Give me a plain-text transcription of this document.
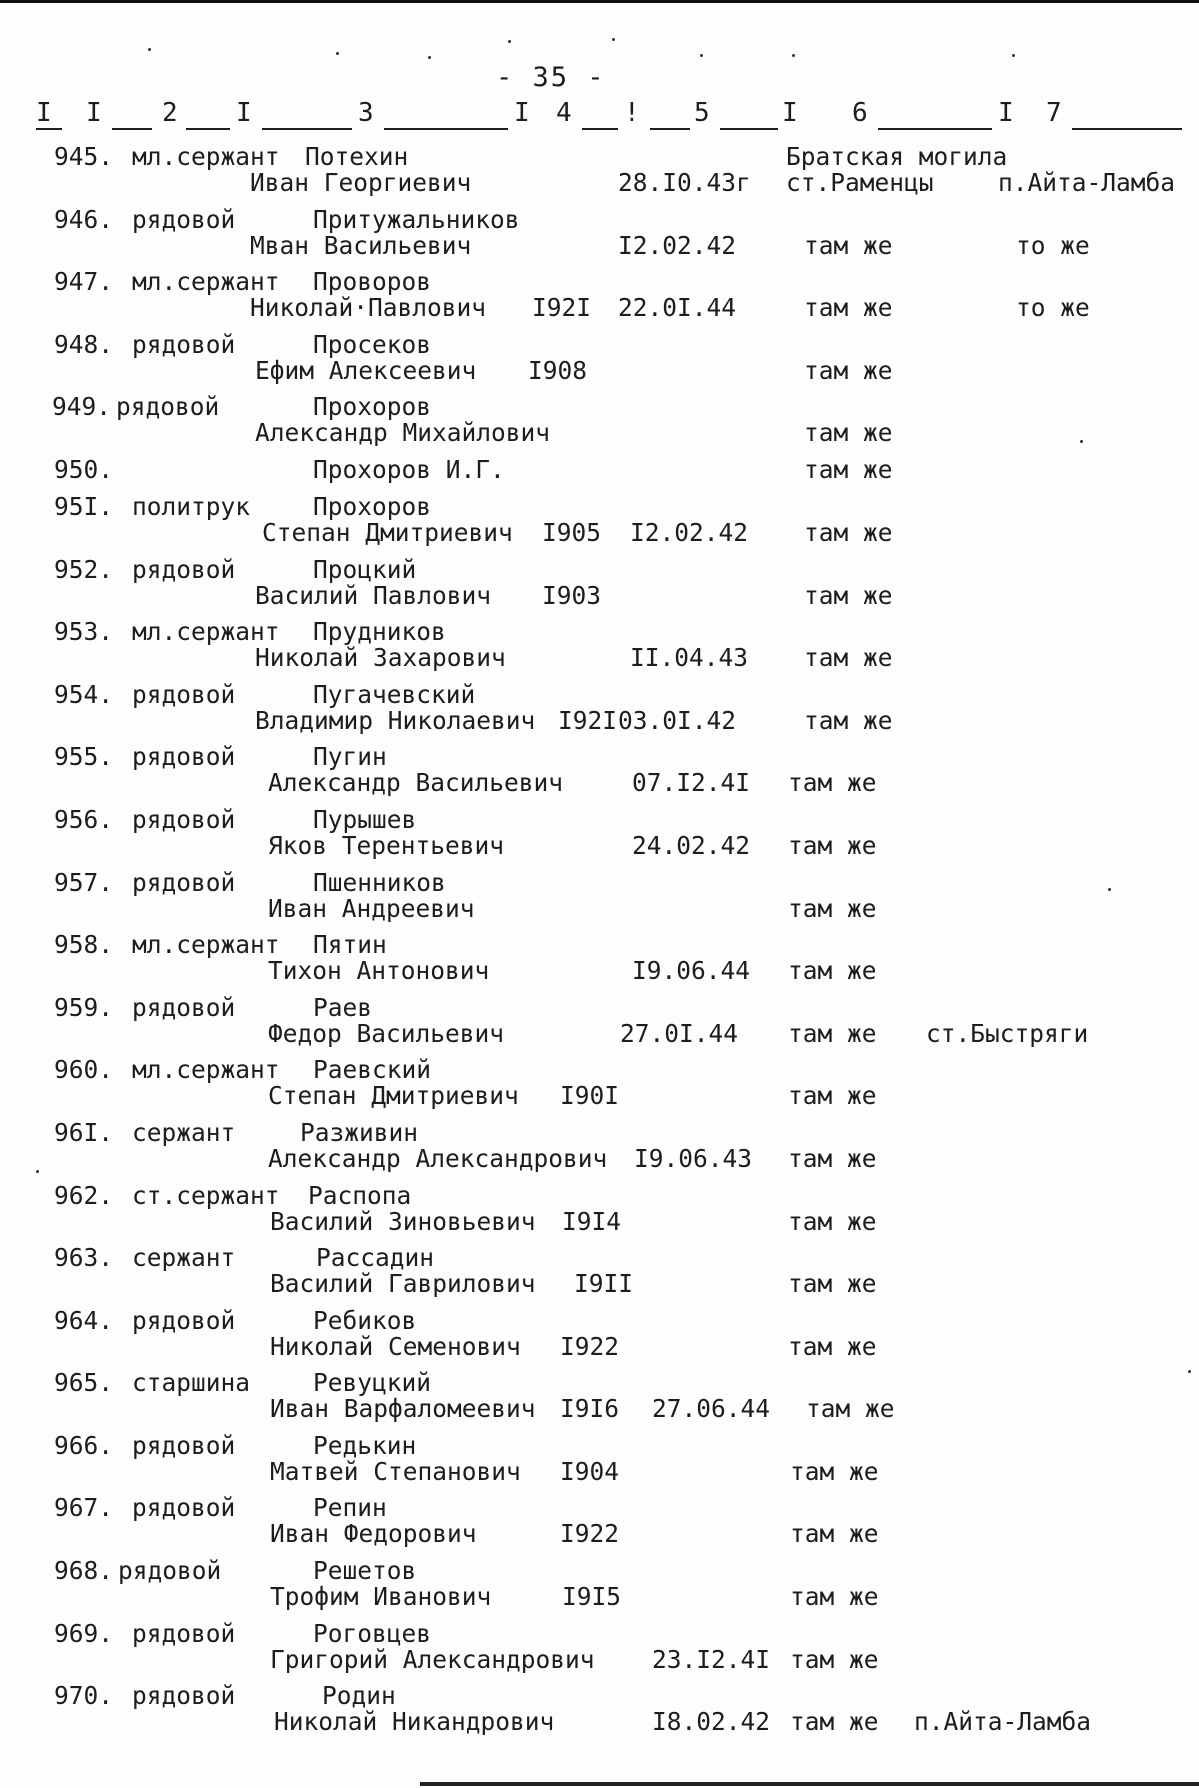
- 35 -
I I 2 I	3	I 4 ! 5	I 6	I 7
945. мл.сержант Потехин	Братская могила
Иван Георгиевич	28.I0.43г ст.Раменцы	п.Айта-Ламба
946. рядовой	Притужальников
Мван Васильевич	I2.02.42	там же	то же
947. мл.сержант Проворов
Николай·Павлович I92I 22.0I.44	там же	то же
948. рядовой	Просеков
Ефим Алексеевич I908	там же
949. рядовой	Прохоров
Александр Михайлович	там же
950.	Прохоров И.Г.	там же
95I. политрук	Прохоров
Степан Дмитриевич I905 I2.02.42 там же
952. рядовой	Процкий
Василий Павлович I903	там же
953. мл.сержант Прудников
Николай Захарович	II.04.43 там же
954. рядовой	Пугачевский
Владимир Николаевич I92I 03.0I.42	там же
955. рядовой	Пугин
Александр Васильевич	07.I2.4I там же
956. рядовой	Пурышев
Яков Терентьевич	24.02.42 там же
957. рядовой	Пшенников
Иван Андреевич	там же
958. мл.сержант Пятин
Тихон Антонович	I9.06.44 там же
959. рядовой	Раев
Федор Васильевич	27.0I.44 там же ст.Быстряги
960. мл.сержант Раевский
Степан Дмитриевич I90I	там же
96I. сержант	Разживин
Александр Александрович I9.06.43 там же
962. ст.сержант Распопа
Василий Зиновьевич I9I4	там же
963. сержант	Рассадин
Василий Гаврилович I9II	там же
964. рядовой	Ребиков
Николай Семенович I922	там же
965. старшина	Ревуцкий
Иван Варфаломеевич I9I6 27.06.44 там же
966. рядовой	Редькин
Матвей Степанович I904	там же
967. рядовой	Репин
Иван Федорович	I922	там же
968. рядовой	Решетов
Трофим Иванович	I9I5	там же
969. рядовой	Роговцев
Григорий Александрович 23.I2.4I там же
970. рядовой	Родин
Николай Никандрович	I8.02.42 там же п.Айта-Ламба
